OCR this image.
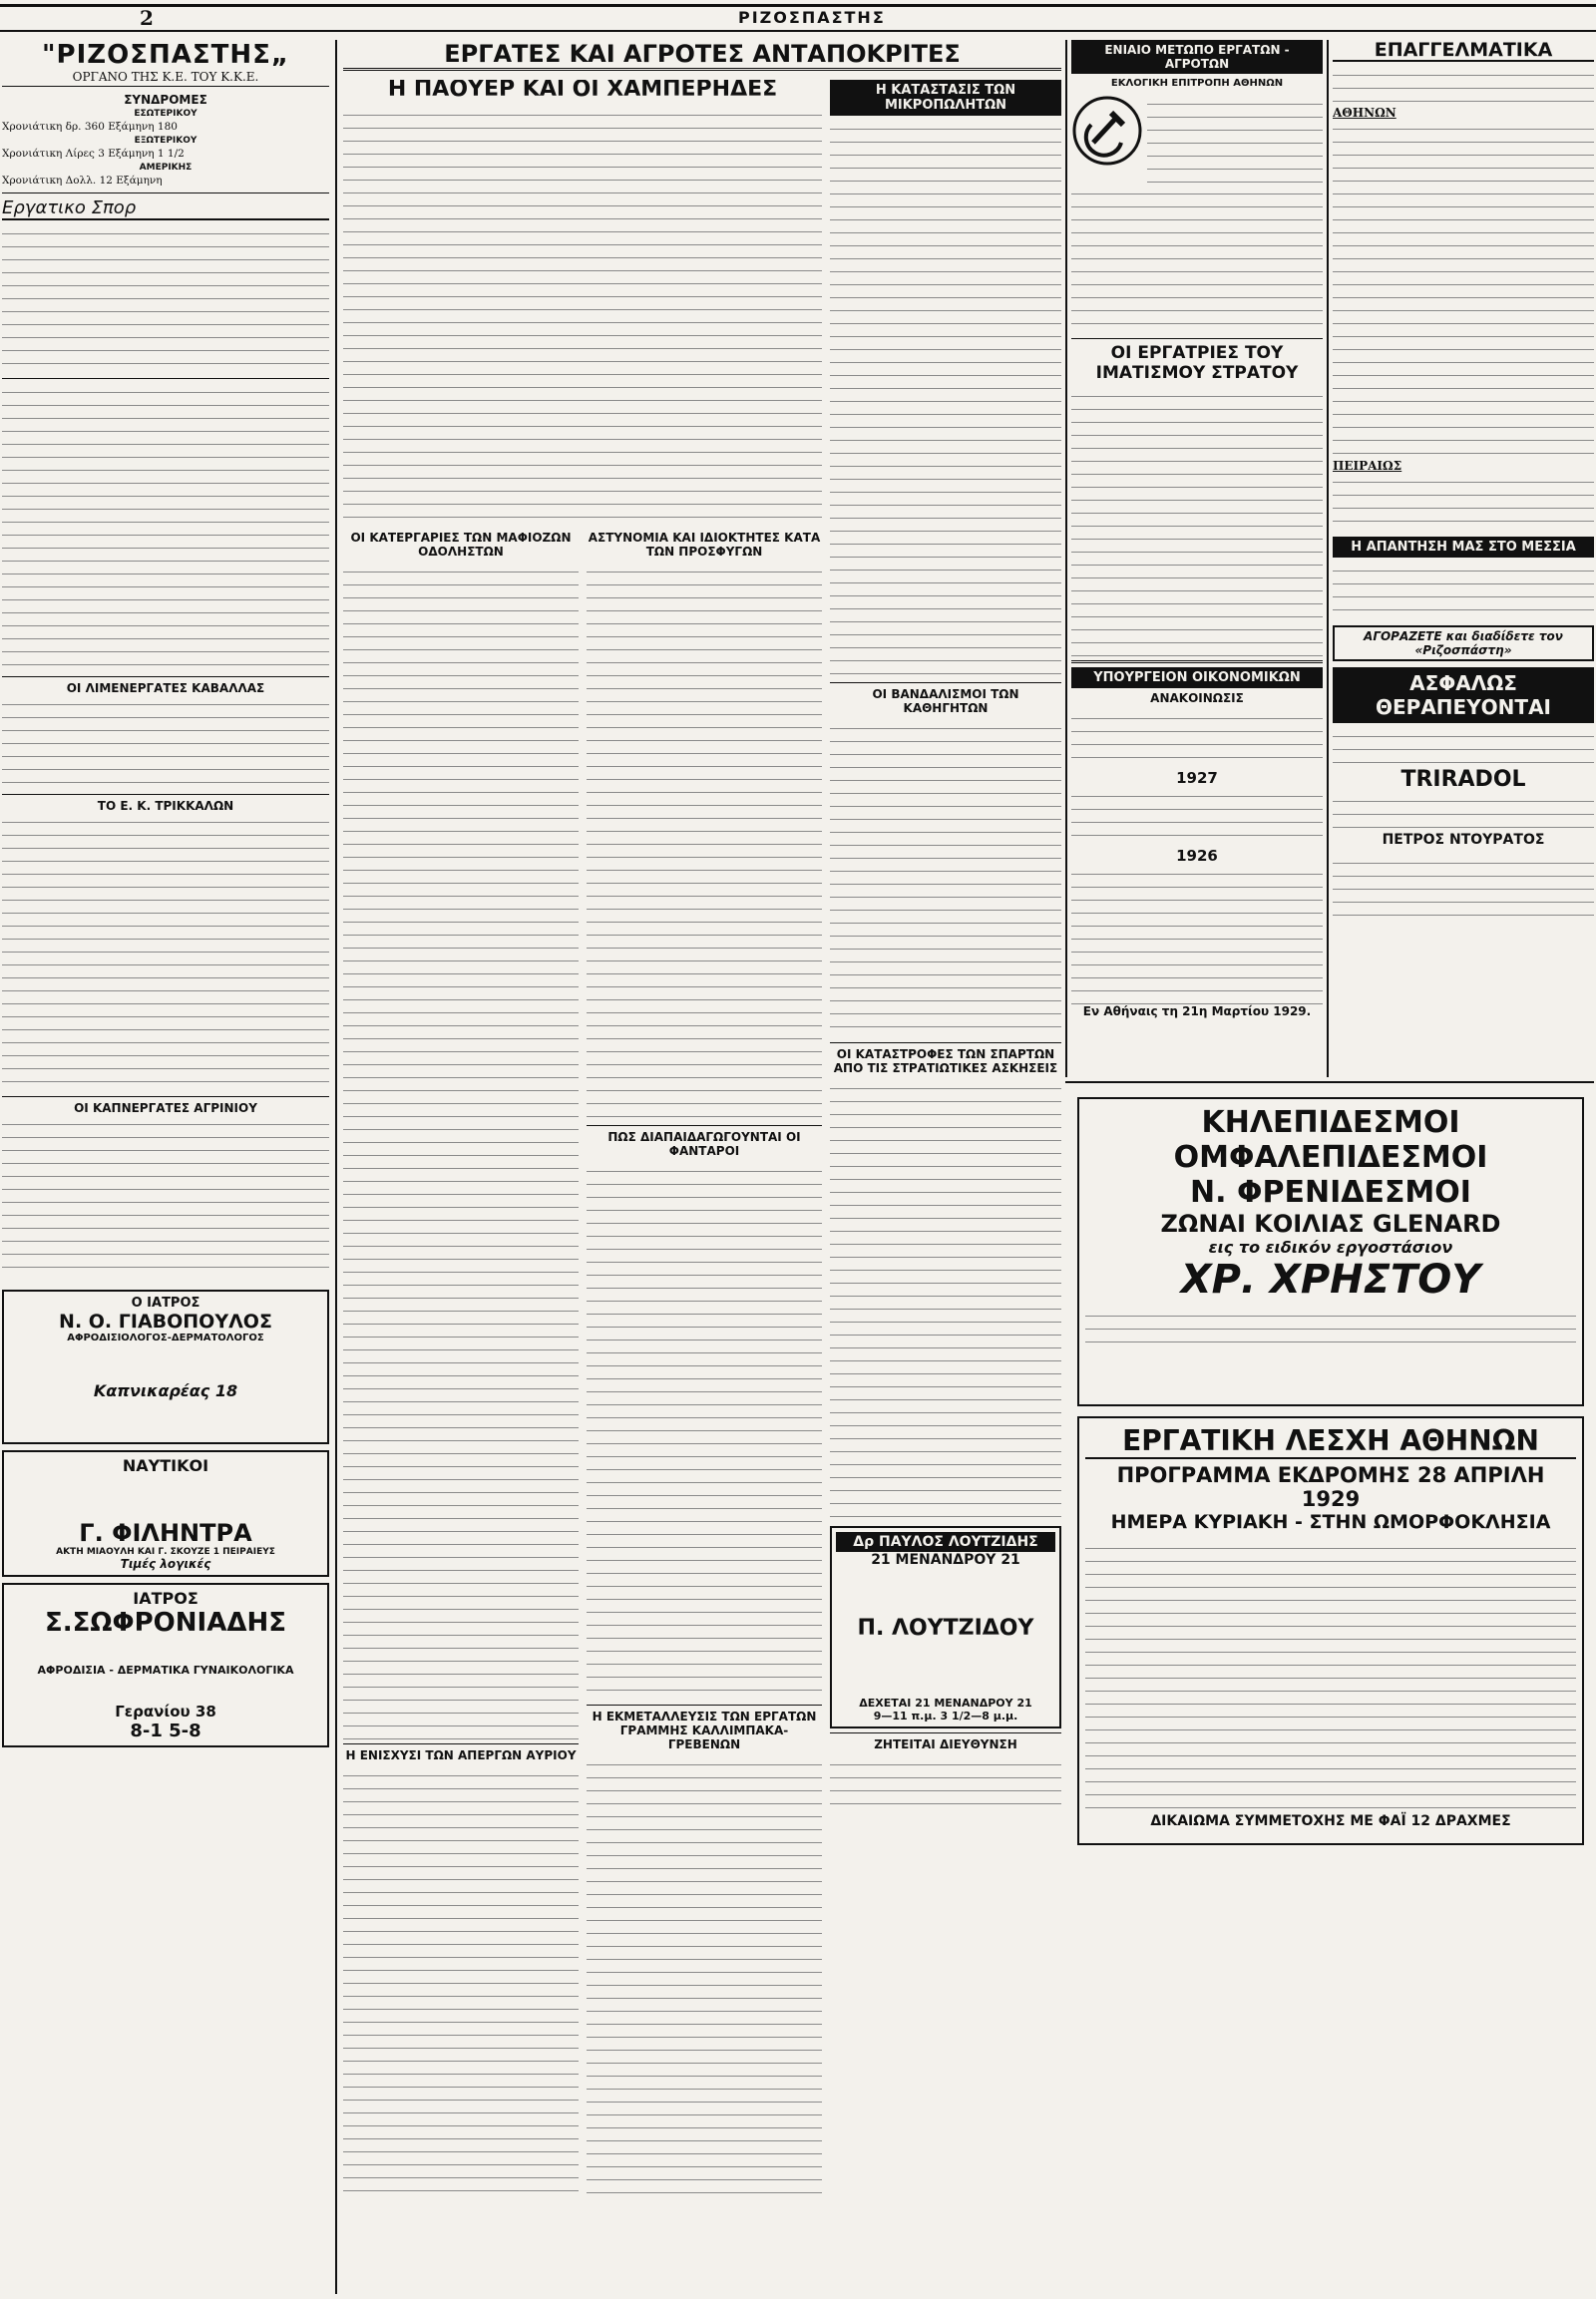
2	ΡΙΖΟΣΠΑΣΤΗΣ
"ΡΙΖΟΣΠΑΣΤΗΣ„
ΟΡΓΑΝΟ ΤΗΣ Κ.Ε. ΤΟΥ Κ.Κ.Ε.
ΣΥΝΔΡΟΜΕΣ
ΕΣΩΤΕΡΙΚΟΥ
Χρονιάτικη δρ. 360 Εξάμηνη 180
ΕΞΩΤΕΡΙΚΟΥ
Χρονιάτικη Λίρες 3 Εξάμηνη 1 1/2
ΑΜΕΡΙΚΗΣ
Χρονιάτικη Δολλ. 12 Εξάμηνη
Εργατικο Σπορ
ΟΙ ΛΙΜΕΝΕΡΓΑΤΕΣ ΚΑΒΑΛΛΑΣ
ΤΟ Ε. Κ. ΤΡΙΚΚΑΛΩΝ
ΟΙ ΚΑΠΝΕΡΓΑΤΕΣ ΑΓΡΙΝΙΟΥ
Ο ΙΑΤΡΟΣ
Ν. Ο. ΓΙΑΒΟΠΟΥΛΟΣ
ΑΦΡΟΔΙΣΙΟΛΟΓΟΣ-ΔΕΡΜΑΤΟΛΟΓΟΣ
Καπνικαρέας 18
ΝΑΥΤΙΚΟΙ
Γ. ΦΙΛΗΝΤΡΑ
ΑΚΤΗ ΜΙΑΟΥΛΗ ΚΑΙ Γ. ΣΚΟΥΖΕ 1 ΠΕΙΡΑΙΕΥΣ
Τιμές λογικές
ΙΑΤΡΟΣ
Σ.ΣΩΦΡΟΝΙΑΔΗΣ
ΑΦΡΟΔΙΣΙΑ - ΔΕΡΜΑΤΙΚΑ ΓΥΝΑΙΚΟΛΟΓΙΚΑ
Γερανίου 38
8-1 5-8
ΕΡΓΑΤΕΣ ΚΑΙ ΑΓΡΟΤΕΣ ΑΝΤΑΠΟΚΡΙΤΕΣ
Η ΠΑΟΥΕΡ ΚΑΙ ΟΙ ΧΑΜΠΕΡΗΔΕΣ
ΟΙ ΚΑΤΕΡΓΑΡΙΕΣ ΤΩΝ ΜΑΦΙΟΖΩΝ ΟΔΟΛΗΣΤΩΝ
Η ΕΝΙΣΧΥΣΙ ΤΩΝ ΑΠΕΡΓΩΝ ΑΥΡΙΟΥ
ΑΣΤΥΝΟΜΙΑ ΚΑΙ ΙΔΙΟΚΤΗΤΕΣ ΚΑΤΑ ΤΩΝ ΠΡΟΣΦΥΓΩΝ
ΠΩΣ ΔΙΑΠΑΙΔΑΓΩΓΟΥΝΤΑΙ ΟΙ ΦΑΝΤΑΡΟΙ
Η ΕΚΜΕΤΑΛΛΕΥΣΙΣ ΤΩΝ ΕΡΓΑΤΩΝ ΓΡΑΜΜΗΣ ΚΑΛΛΙΜΠΑΚΑ-ΓΡΕΒΕΝΩΝ
Η ΚΑΤΑΣΤΑΣΙΣ ΤΩΝ ΜΙΚΡΟΠΩΛΗΤΩΝ
ΟΙ ΒΑΝΔΑΛΙΣΜΟΙ ΤΩΝ ΚΑΘΗΓΗΤΩΝ
ΟΙ ΚΑΤΑΣΤΡΟΦΕΣ ΤΩΝ ΣΠΑΡΤΩΝ ΑΠΟ ΤΙΣ ΣΤΡΑΤΙΩΤΙΚΕΣ ΑΣΚΗΣΕΙΣ
Δρ ΠΑΥΛΟΣ ΛΟΥΤΖΙΔΗΣ
21 ΜΕΝΑΝΔΡΟΥ 21
Π. ΛΟΥΤΖΙΔΟΥ
ΔΕΧΕΤΑΙ 21 ΜΕΝΑΝΔΡΟΥ 21
9—11 π.μ. 3 1/2—8 μ.μ.
ΖΗΤΕΙΤΑΙ ΔΙΕΥΘΥΝΣΗ
ΕΝΙΑΙΟ ΜΕΤΩΠΟ ΕΡΓΑΤΩΝ - ΑΓΡΟΤΩΝ
ΕΚΛΟΓΙΚΗ ΕΠΙΤΡΟΠΗ ΑΘΗΝΩΝ
ΟΙ ΕΡΓΑΤΡΙΕΣ ΤΟΥ ΙΜΑΤΙΣΜΟΥ ΣΤΡΑΤΟΥ
ΥΠΟΥΡΓΕΙΟΝ ΟΙΚΟΝΟΜΙΚΩΝ
ΑΝΑΚΟΙΝΩΣΙΣ
1927
1926
Εν Αθήναις τη 21η Μαρτίου 1929.
ΕΠΑΓΓΕΛΜΑΤΙΚΑ
ΑΘΗΝΩΝ
ΠΕΙΡΑΙΩΣ
Η ΑΠΑΝΤΗΣΗ ΜΑΣ ΣΤΟ ΜΕΣΣΙΑ
ΑΓΟΡΑΖΕΤΕ και διαδίδετε τον «Ριζοσπάστη»
ΑΣΦΑΛΩΣ ΘΕΡΑΠΕΥΟΝΤΑΙ
TRIRADOL
ΠΕΤΡΟΣ ΝΤΟΥΡΑΤΟΣ
ΚΗΛΕΠΙΔΕΣΜΟΙ
ΟΜΦΑΛΕΠΙΔΕΣΜΟΙ
Ν. ΦΡΕΝΙΔΕΣΜΟΙ
ΖΩΝΑΙ ΚΟΙΛΙΑΣ GLENARD
εις το ειδικόν εργοστάσιον
ΧΡ. ΧΡΗΣΤΟΥ
ΕΡΓΑΤΙΚΗ ΛΕΣΧΗ ΑΘΗΝΩΝ
ΠΡΟΓΡΑΜΜΑ ΕΚΔΡΟΜΗΣ 28 ΑΠΡΙΛΗ 1929
ΗΜΕΡΑ ΚΥΡΙΑΚΗ - ΣΤΗΝ ΩΜΟΡΦΟΚΛΗΣΙΑ
ΔΙΚΑΙΩΜΑ ΣΥΜΜΕΤΟΧΗΣ ΜΕ ΦΑΪ 12 ΔΡΑΧΜΕΣ
